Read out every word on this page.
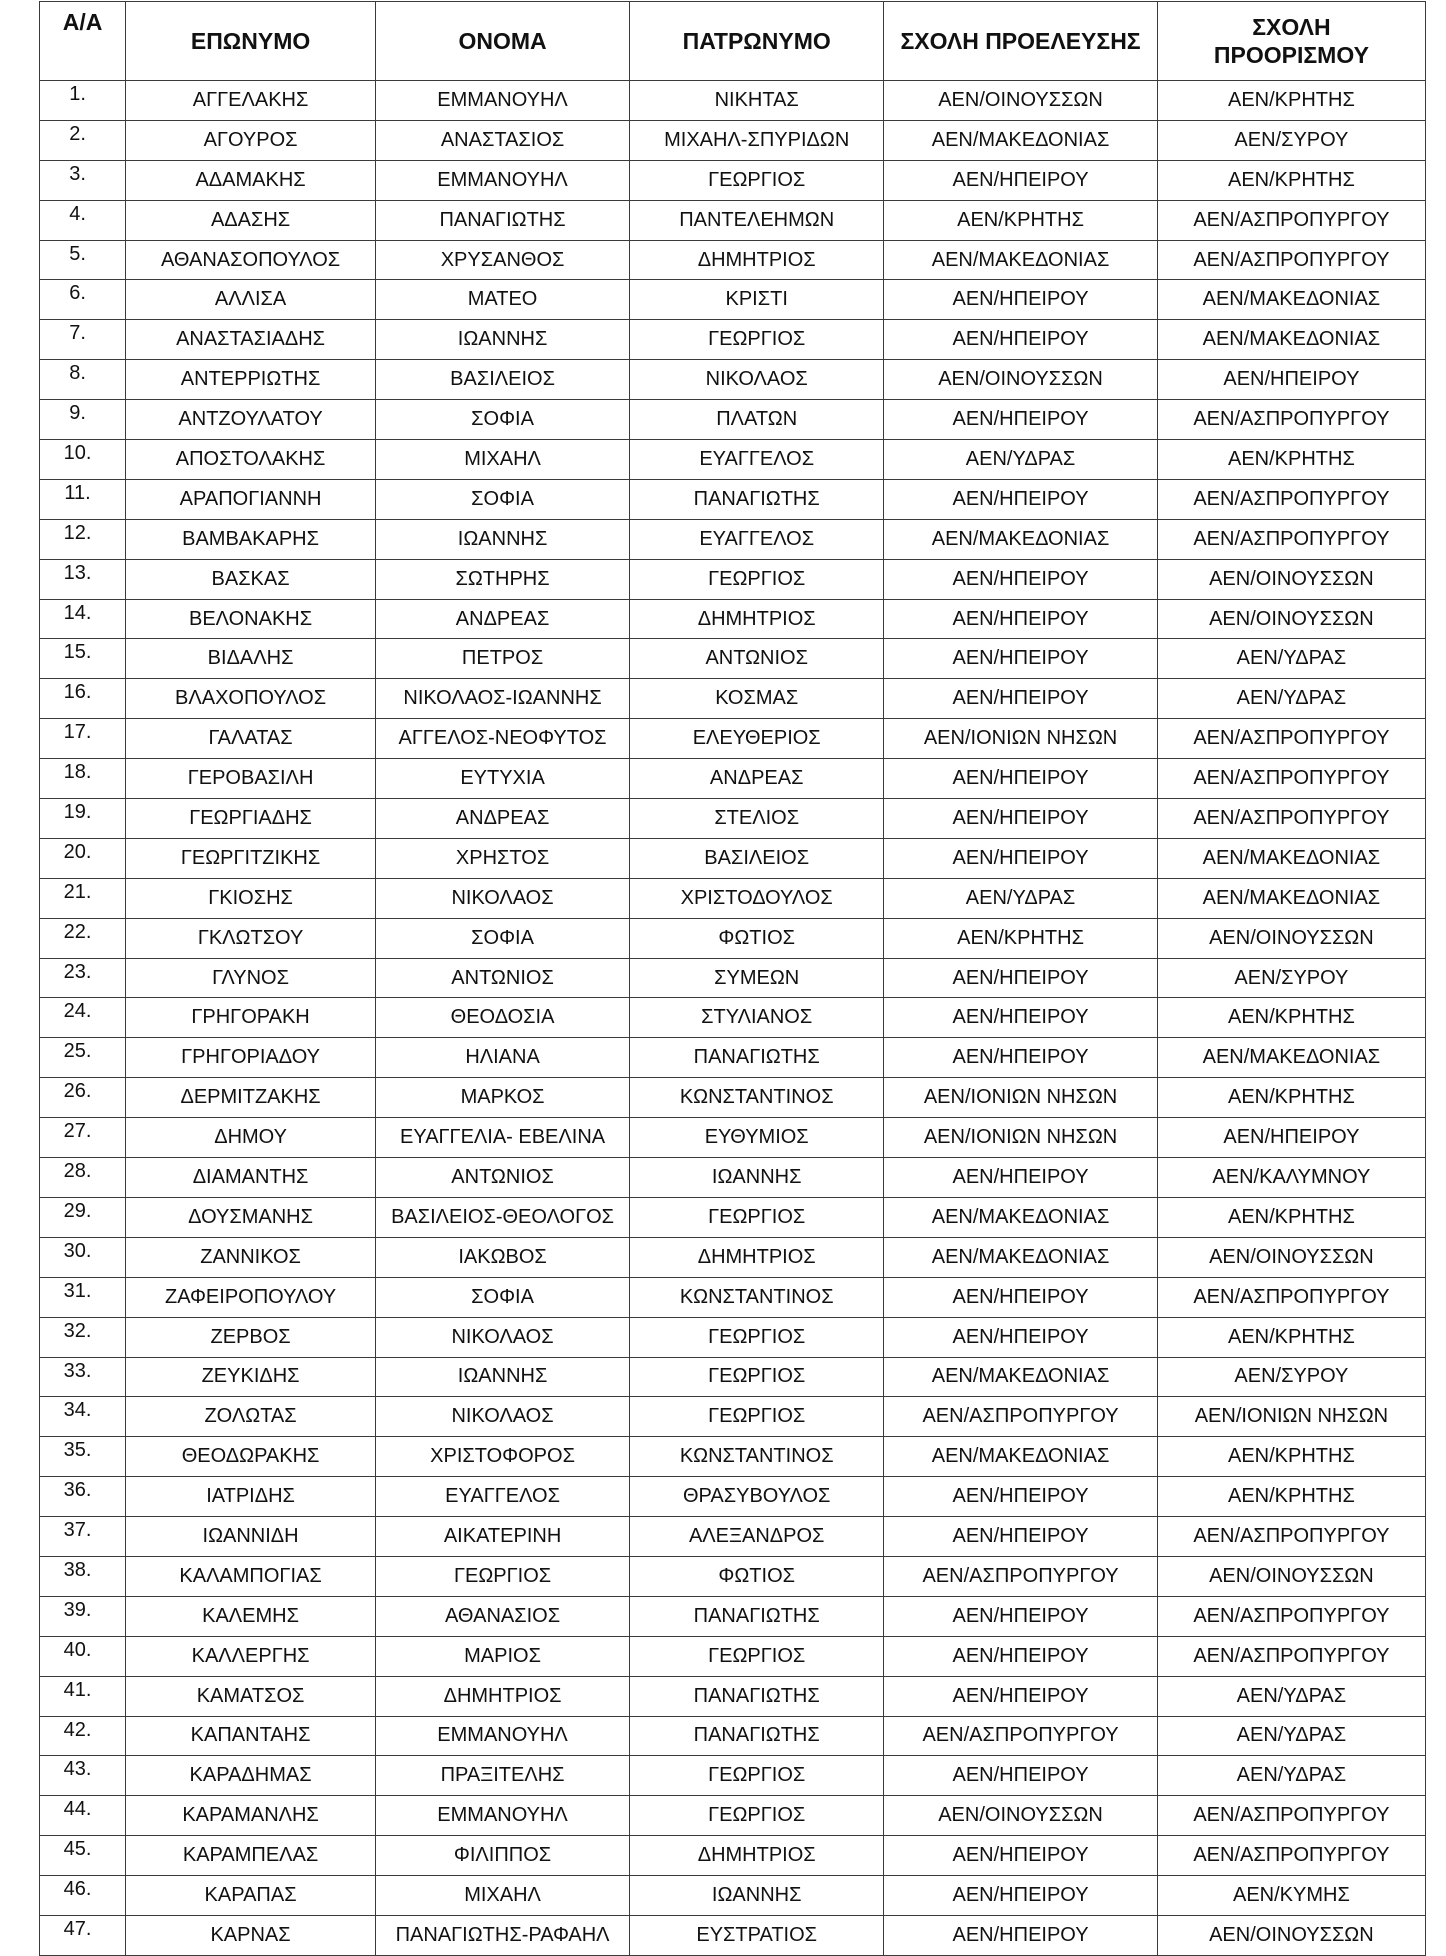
Α/Α	ΕΠΩΝΥΜΟ	ΟΝΟΜΑ	ΠΑΤΡΩΝΥΜΟ	ΣΧΟΛΗ ΠΡΟΕΛΕΥΣΗΣ	ΣΧΟΛΗ
ΠΡΟΟΡΙΣΜΟΥ
1.	ΑΓΓΕΛΑΚΗΣ	ΕΜΜΑΝΟΥΗΛ	ΝΙΚΗΤΑΣ	ΑΕΝ/ΟΙΝΟΥΣΣΩΝ	ΑΕΝ/ΚΡΗΤΗΣ
2.	ΑΓΟΥΡΟΣ	ΑΝΑΣΤΑΣΙΟΣ	ΜΙΧΑΗΛ-ΣΠΥΡΙΔΩΝ	ΑΕΝ/ΜΑΚΕΔΟΝΙΑΣ	ΑΕΝ/ΣΥΡΟΥ
3.	ΑΔΑΜΑΚΗΣ	ΕΜΜΑΝΟΥΗΛ	ΓΕΩΡΓΙΟΣ	ΑΕΝ/ΗΠΕΙΡΟΥ	ΑΕΝ/ΚΡΗΤΗΣ
4.	ΑΔΑΣΗΣ	ΠΑΝΑΓΙΩΤΗΣ	ΠΑΝΤΕΛΕΗΜΩΝ	ΑΕΝ/ΚΡΗΤΗΣ	ΑΕΝ/ΑΣΠΡΟΠΥΡΓΟΥ
5.	ΑΘΑΝΑΣΟΠΟΥΛΟΣ	ΧΡΥΣΑΝΘΟΣ	ΔΗΜΗΤΡΙΟΣ	ΑΕΝ/ΜΑΚΕΔΟΝΙΑΣ	ΑΕΝ/ΑΣΠΡΟΠΥΡΓΟΥ
6.	ΑΛΛΙΣΑ	ΜΑΤΕΟ	ΚΡΙΣΤΙ	ΑΕΝ/ΗΠΕΙΡΟΥ	ΑΕΝ/ΜΑΚΕΔΟΝΙΑΣ
7.	ΑΝΑΣΤΑΣΙΑΔΗΣ	ΙΩΑΝΝΗΣ	ΓΕΩΡΓΙΟΣ	ΑΕΝ/ΗΠΕΙΡΟΥ	ΑΕΝ/ΜΑΚΕΔΟΝΙΑΣ
8.	ΑΝΤΕΡΡΙΩΤΗΣ	ΒΑΣΙΛΕΙΟΣ	ΝΙΚΟΛΑΟΣ	ΑΕΝ/ΟΙΝΟΥΣΣΩΝ	ΑΕΝ/ΗΠΕΙΡΟΥ
9.	ΑΝΤΖΟΥΛΑΤΟΥ	ΣΟΦΙΑ	ΠΛΑΤΩΝ	ΑΕΝ/ΗΠΕΙΡΟΥ	ΑΕΝ/ΑΣΠΡΟΠΥΡΓΟΥ
10.	ΑΠΟΣΤΟΛΑΚΗΣ	ΜΙΧΑΗΛ	ΕΥΑΓΓΕΛΟΣ	ΑΕΝ/ΥΔΡΑΣ	ΑΕΝ/ΚΡΗΤΗΣ
11.	ΑΡΑΠΟΓΙΑΝΝΗ	ΣΟΦΙΑ	ΠΑΝΑΓΙΩΤΗΣ	ΑΕΝ/ΗΠΕΙΡΟΥ	ΑΕΝ/ΑΣΠΡΟΠΥΡΓΟΥ
12.	ΒΑΜΒΑΚΑΡΗΣ	ΙΩΑΝΝΗΣ	ΕΥΑΓΓΕΛΟΣ	ΑΕΝ/ΜΑΚΕΔΟΝΙΑΣ	ΑΕΝ/ΑΣΠΡΟΠΥΡΓΟΥ
13.	ΒΑΣΚΑΣ	ΣΩΤΗΡΗΣ	ΓΕΩΡΓΙΟΣ	ΑΕΝ/ΗΠΕΙΡΟΥ	ΑΕΝ/ΟΙΝΟΥΣΣΩΝ
14.	ΒΕΛΟΝΑΚΗΣ	ΑΝΔΡΕΑΣ	ΔΗΜΗΤΡΙΟΣ	ΑΕΝ/ΗΠΕΙΡΟΥ	ΑΕΝ/ΟΙΝΟΥΣΣΩΝ
15.	ΒΙΔΑΛΗΣ	ΠΕΤΡΟΣ	ΑΝΤΩΝΙΟΣ	ΑΕΝ/ΗΠΕΙΡΟΥ	ΑΕΝ/ΥΔΡΑΣ
16.	ΒΛΑΧΟΠΟΥΛΟΣ	ΝΙΚΟΛΑΟΣ-ΙΩΑΝΝΗΣ	ΚΟΣΜΑΣ	ΑΕΝ/ΗΠΕΙΡΟΥ	ΑΕΝ/ΥΔΡΑΣ
17.	ΓΑΛΑΤΑΣ	ΑΓΓΕΛΟΣ-ΝΕΟΦΥΤΟΣ	ΕΛΕΥΘΕΡΙΟΣ	ΑΕΝ/ΙΟΝΙΩΝ ΝΗΣΩΝ	ΑΕΝ/ΑΣΠΡΟΠΥΡΓΟΥ
18.	ΓΕΡΟΒΑΣΙΛΗ	ΕΥΤΥΧΙΑ	ΑΝΔΡΕΑΣ	ΑΕΝ/ΗΠΕΙΡΟΥ	ΑΕΝ/ΑΣΠΡΟΠΥΡΓΟΥ
19.	ΓΕΩΡΓΙΑΔΗΣ	ΑΝΔΡΕΑΣ	ΣΤΕΛΙΟΣ	ΑΕΝ/ΗΠΕΙΡΟΥ	ΑΕΝ/ΑΣΠΡΟΠΥΡΓΟΥ
20.	ΓΕΩΡΓΙΤΖΙΚΗΣ	ΧΡΗΣΤΟΣ	ΒΑΣΙΛΕΙΟΣ	ΑΕΝ/ΗΠΕΙΡΟΥ	ΑΕΝ/ΜΑΚΕΔΟΝΙΑΣ
21.	ΓΚΙΟΣΗΣ	ΝΙΚΟΛΑΟΣ	ΧΡΙΣΤΟΔΟΥΛΟΣ	ΑΕΝ/ΥΔΡΑΣ	ΑΕΝ/ΜΑΚΕΔΟΝΙΑΣ
22.	ΓΚΛΩΤΣΟΥ	ΣΟΦΙΑ	ΦΩΤΙΟΣ	ΑΕΝ/ΚΡΗΤΗΣ	ΑΕΝ/ΟΙΝΟΥΣΣΩΝ
23.	ΓΛΥΝΟΣ	ΑΝΤΩΝΙΟΣ	ΣΥΜΕΩΝ	ΑΕΝ/ΗΠΕΙΡΟΥ	ΑΕΝ/ΣΥΡΟΥ
24.	ΓΡΗΓΟΡΑΚΗ	ΘΕΟΔΟΣΙΑ	ΣΤΥΛΙΑΝΟΣ	ΑΕΝ/ΗΠΕΙΡΟΥ	ΑΕΝ/ΚΡΗΤΗΣ
25.	ΓΡΗΓΟΡΙΑΔΟΥ	ΗΛΙΑΝΑ	ΠΑΝΑΓΙΩΤΗΣ	ΑΕΝ/ΗΠΕΙΡΟΥ	ΑΕΝ/ΜΑΚΕΔΟΝΙΑΣ
26.	ΔΕΡΜΙΤΖΑΚΗΣ	ΜΑΡΚΟΣ	ΚΩΝΣΤΑΝΤΙΝΟΣ	ΑΕΝ/ΙΟΝΙΩΝ ΝΗΣΩΝ	ΑΕΝ/ΚΡΗΤΗΣ
27.	ΔΗΜΟΥ	ΕΥΑΓΓΕΛΙΑ- ΕΒΕΛΙΝΑ	ΕΥΘΥΜΙΟΣ	ΑΕΝ/ΙΟΝΙΩΝ ΝΗΣΩΝ	ΑΕΝ/ΗΠΕΙΡΟΥ
28.	ΔΙΑΜΑΝΤΗΣ	ΑΝΤΩΝΙΟΣ	ΙΩΑΝΝΗΣ	ΑΕΝ/ΗΠΕΙΡΟΥ	ΑΕΝ/ΚΑΛΥΜΝΟΥ
29.	ΔΟΥΣΜΑΝΗΣ	ΒΑΣΙΛΕΙΟΣ-ΘΕΟΛΟΓΟΣ	ΓΕΩΡΓΙΟΣ	ΑΕΝ/ΜΑΚΕΔΟΝΙΑΣ	ΑΕΝ/ΚΡΗΤΗΣ
30.	ΖΑΝΝΙΚΟΣ	ΙΑΚΩΒΟΣ	ΔΗΜΗΤΡΙΟΣ	ΑΕΝ/ΜΑΚΕΔΟΝΙΑΣ	ΑΕΝ/ΟΙΝΟΥΣΣΩΝ
31.	ΖΑΦΕΙΡΟΠΟΥΛΟΥ	ΣΟΦΙΑ	ΚΩΝΣΤΑΝΤΙΝΟΣ	ΑΕΝ/ΗΠΕΙΡΟΥ	ΑΕΝ/ΑΣΠΡΟΠΥΡΓΟΥ
32.	ΖΕΡΒΟΣ	ΝΙΚΟΛΑΟΣ	ΓΕΩΡΓΙΟΣ	ΑΕΝ/ΗΠΕΙΡΟΥ	ΑΕΝ/ΚΡΗΤΗΣ
33.	ΖΕΥΚΙΔΗΣ	ΙΩΑΝΝΗΣ	ΓΕΩΡΓΙΟΣ	ΑΕΝ/ΜΑΚΕΔΟΝΙΑΣ	ΑΕΝ/ΣΥΡΟΥ
34.	ΖΟΛΩΤΑΣ	ΝΙΚΟΛΑΟΣ	ΓΕΩΡΓΙΟΣ	ΑΕΝ/ΑΣΠΡΟΠΥΡΓΟΥ	ΑΕΝ/ΙΟΝΙΩΝ ΝΗΣΩΝ
35.	ΘΕΟΔΩΡΑΚΗΣ	ΧΡΙΣΤΟΦΟΡΟΣ	ΚΩΝΣΤΑΝΤΙΝΟΣ	ΑΕΝ/ΜΑΚΕΔΟΝΙΑΣ	ΑΕΝ/ΚΡΗΤΗΣ
36.	ΙΑΤΡΙΔΗΣ	ΕΥΑΓΓΕΛΟΣ	ΘΡΑΣΥΒΟΥΛΟΣ	ΑΕΝ/ΗΠΕΙΡΟΥ	ΑΕΝ/ΚΡΗΤΗΣ
37.	ΙΩΑΝΝΙΔΗ	ΑΙΚΑΤΕΡΙΝΗ	ΑΛΕΞΑΝΔΡΟΣ	ΑΕΝ/ΗΠΕΙΡΟΥ	ΑΕΝ/ΑΣΠΡΟΠΥΡΓΟΥ
38.	ΚΑΛΑΜΠΟΓΙΑΣ	ΓΕΩΡΓΙΟΣ	ΦΩΤΙΟΣ	ΑΕΝ/ΑΣΠΡΟΠΥΡΓΟΥ	ΑΕΝ/ΟΙΝΟΥΣΣΩΝ
39.	ΚΑΛΕΜΗΣ	ΑΘΑΝΑΣΙΟΣ	ΠΑΝΑΓΙΩΤΗΣ	ΑΕΝ/ΗΠΕΙΡΟΥ	ΑΕΝ/ΑΣΠΡΟΠΥΡΓΟΥ
40.	ΚΑΛΛΕΡΓΗΣ	ΜΑΡΙΟΣ	ΓΕΩΡΓΙΟΣ	ΑΕΝ/ΗΠΕΙΡΟΥ	ΑΕΝ/ΑΣΠΡΟΠΥΡΓΟΥ
41.	ΚΑΜΑΤΣΟΣ	ΔΗΜΗΤΡΙΟΣ	ΠΑΝΑΓΙΩΤΗΣ	ΑΕΝ/ΗΠΕΙΡΟΥ	ΑΕΝ/ΥΔΡΑΣ
42.	ΚΑΠΑΝΤΑΗΣ	ΕΜΜΑΝΟΥΗΛ	ΠΑΝΑΓΙΩΤΗΣ	ΑΕΝ/ΑΣΠΡΟΠΥΡΓΟΥ	ΑΕΝ/ΥΔΡΑΣ
43.	ΚΑΡΑΔΗΜΑΣ	ΠΡΑΞΙΤΕΛΗΣ	ΓΕΩΡΓΙΟΣ	ΑΕΝ/ΗΠΕΙΡΟΥ	ΑΕΝ/ΥΔΡΑΣ
44.	ΚΑΡΑΜΑΝΛΗΣ	ΕΜΜΑΝΟΥΗΛ	ΓΕΩΡΓΙΟΣ	ΑΕΝ/ΟΙΝΟΥΣΣΩΝ	ΑΕΝ/ΑΣΠΡΟΠΥΡΓΟΥ
45.	ΚΑΡΑΜΠΕΛΑΣ	ΦΙΛΙΠΠΟΣ	ΔΗΜΗΤΡΙΟΣ	ΑΕΝ/ΗΠΕΙΡΟΥ	ΑΕΝ/ΑΣΠΡΟΠΥΡΓΟΥ
46.	ΚΑΡΑΠΑΣ	ΜΙΧΑΗΛ	ΙΩΑΝΝΗΣ	ΑΕΝ/ΗΠΕΙΡΟΥ	ΑΕΝ/ΚΥΜΗΣ
47.	ΚΑΡΝΑΣ	ΠΑΝΑΓΙΩΤΗΣ-ΡΑΦΑΗΛ	ΕΥΣΤΡΑΤΙΟΣ	ΑΕΝ/ΗΠΕΙΡΟΥ	ΑΕΝ/ΟΙΝΟΥΣΣΩΝ
